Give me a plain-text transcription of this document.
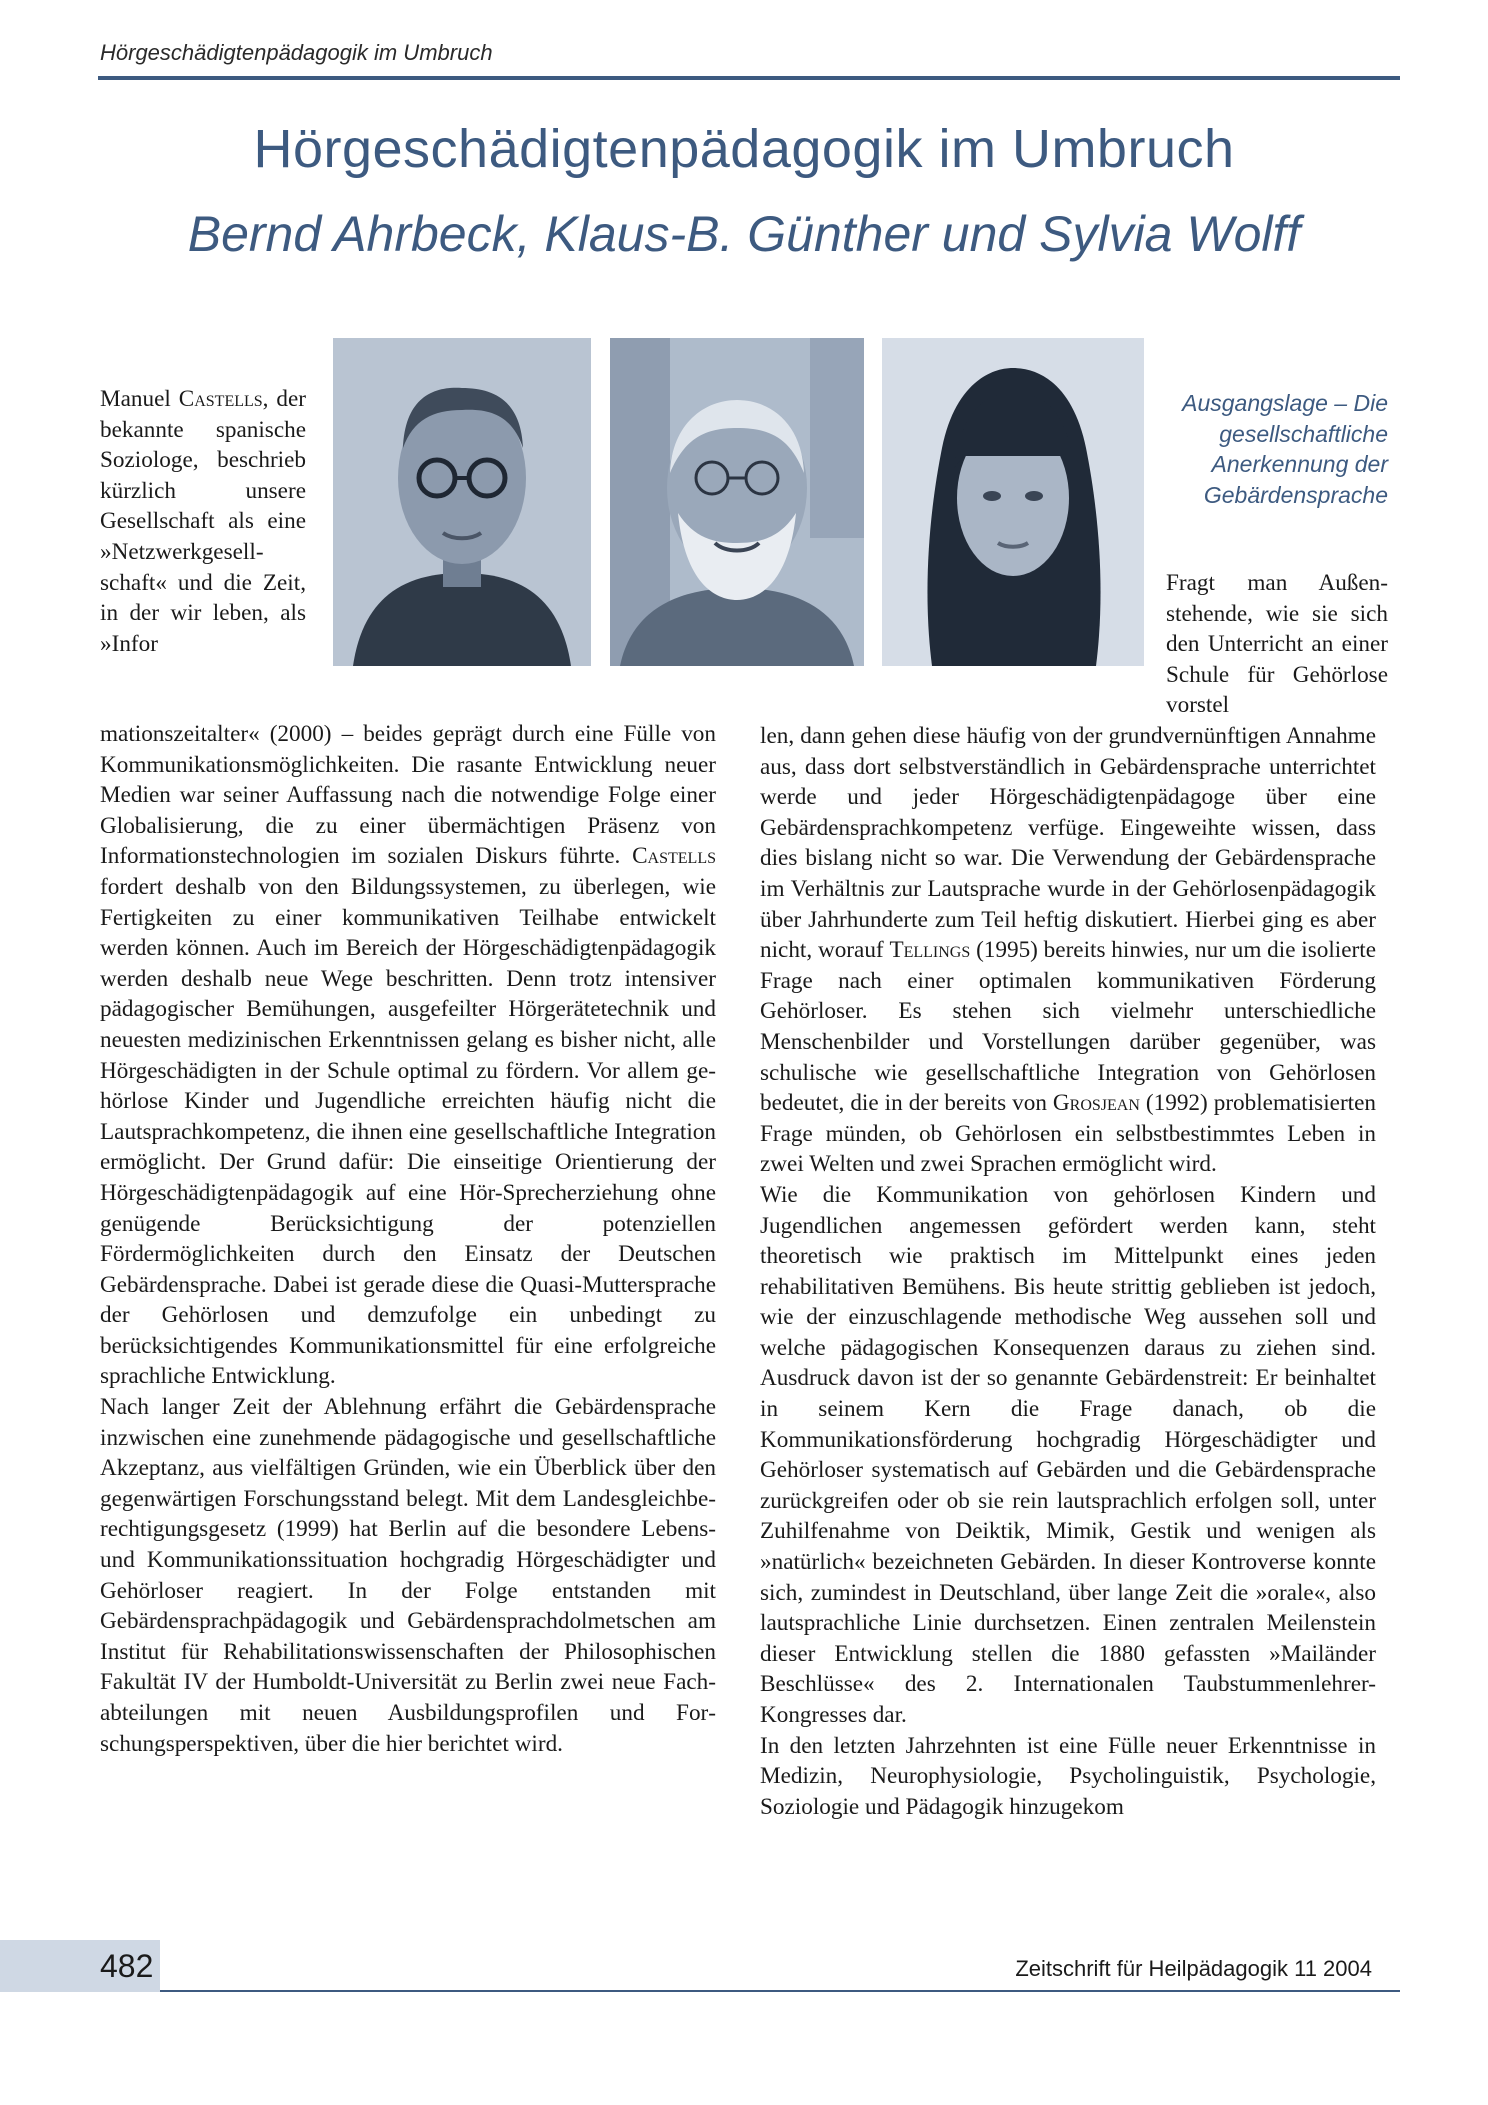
Hörgeschädigtenpädagogik im Umbruch
Hörgeschädigtenpädagogik im Umbruch
Bernd Ahrbeck, Klaus-B. Günther und Sylvia Wolff

Manuel Castells, der bekannte spanische Soziologe, beschrieb kürzlich unsere Gesellschaft als eine »Netzwerkgesellschaft« und die Zeit, in der wir leben, als »Infor

mationszeitalter« (2000) – beides geprägt durch eine Fülle von Kommunikationsmöglichkeiten. Die rasante Entwicklung neuer Medien war seiner Auffassung nach die notwendige Folge einer Globalisierung, die zu einer übermächtigen Präsenz von Informationstechnologien im sozialen Diskurs führte. Castells fordert deshalb von den Bildungssystemen, zu überlegen, wie Fertigkeiten zu einer kommunikativen Teilhabe entwickelt werden können. Auch im Bereich der Hörgeschädigtenpädagogik werden deshalb neue Wege beschritten. Denn trotz intensiver pädagogischer Bemühungen, ausgefeilter Hörgerätetechnik und neuesten medizinischen Erkenntnissen gelang es bisher nicht, alle Hörgeschädigten in der Schule optimal zu fördern. Vor allem gehörlose Kinder und Jugendliche erreichten häufig nicht die Lautsprachkompetenz, die ihnen eine gesellschaftliche Integration ermöglicht. Der Grund dafür: Die einseitige Orientierung der Hörgeschädigtenpädagogik auf eine Hör-Sprecherziehung ohne genügende Berücksichtigung der potenziellen Fördermöglichkeiten durch den Einsatz der Deutschen Gebärdensprache. Dabei ist gerade diese die Quasi-Muttersprache der Gehörlosen und demzufolge ein unbedingt zu berücksichtigendes Kommunikationsmittel für eine erfolgreiche sprachliche Entwicklung.

Nach langer Zeit der Ablehnung erfährt die Gebärdensprache inzwischen eine zunehmende pädagogische und gesellschaftliche Akzeptanz, aus vielfältigen Gründen, wie ein Überblick über den gegenwärtigen Forschungsstand belegt. Mit dem Landesgleichberechtigungsgesetz (1999) hat Berlin auf die besondere Lebens- und Kommunikationssituation hochgradig Hörgeschädigter und Gehörloser reagiert. In der Folge entstanden mit Gebärdensprachpädagogik und Gebärdensprachdolmetschen am Institut für Rehabilitationswissenschaften der Philosophischen Fakultät IV der Humboldt-Universität zu Berlin zwei neue Fachabteilungen mit neuen Ausbildungsprofilen und Forschungsperspektiven, über die hier berichtet wird.

Ausgangslage – Die gesellschaftliche Anerkennung der Gebärdensprache

Fragt man Außenstehende, wie sie sich den Unterricht an einer Schule für Gehörlose vorstel

len, dann gehen diese häufig von der grundvernünftigen Annahme aus, dass dort selbstverständlich in Gebärdensprache unterrichtet werde und jeder Hörgeschädigtenpädagoge über eine Gebärdensprachkompetenz verfüge. Eingeweihte wissen, dass dies bislang nicht so war. Die Verwendung der Gebärdensprache im Verhältnis zur Lautsprache wurde in der Gehörlosenpädagogik über Jahrhunderte zum Teil heftig diskutiert. Hierbei ging es aber nicht, worauf Tellings (1995) bereits hinwies, nur um die isolierte Frage nach einer optimalen kommunikativen Förderung Gehörloser. Es stehen sich vielmehr unterschiedliche Menschenbilder und Vorstellungen darüber gegenüber, was schulische wie gesellschaftliche Integration von Gehörlosen bedeutet, die in der bereits von Grosjean (1992) problematisierten Frage münden, ob Gehörlosen ein selbstbestimmtes Leben in zwei Welten und zwei Sprachen ermöglicht wird.

Wie die Kommunikation von gehörlosen Kindern und Jugendlichen angemessen gefördert werden kann, steht theoretisch wie praktisch im Mittelpunkt eines jeden rehabilitativen Bemühens. Bis heute strittig geblieben ist jedoch, wie der einzuschlagende methodische Weg aussehen soll und welche pädagogischen Konsequenzen daraus zu ziehen sind. Ausdruck davon ist der so genannte Gebärdenstreit: Er beinhaltet in seinem Kern die Frage danach, ob die Kommunikationsförderung hochgradig Hörgeschädigter und Gehörloser systematisch auf Gebärden und die Gebärdensprache zurückgreifen oder ob sie rein lautsprachlich erfolgen soll, unter Zuhilfenahme von Deiktik, Mimik, Gestik und wenigen als »natürlich« bezeichneten Gebärden. In dieser Kontroverse konnte sich, zumindest in Deutschland, über lange Zeit die »orale«, also lautsprachliche Linie durchsetzen. Einen zentralen Meilenstein dieser Entwicklung stellen die 1880 gefassten »Mailänder Beschlüsse« des 2. Internationalen Taubstummenlehrer-Kongresses dar.

In den letzten Jahrzehnten ist eine Fülle neuer Erkenntnisse in Medizin, Neurophysiologie, Psycholinguistik, Psychologie, Soziologie und Pädagogik hinzugekom

482	Zeitschrift für Heilpädagogik 11 2004
